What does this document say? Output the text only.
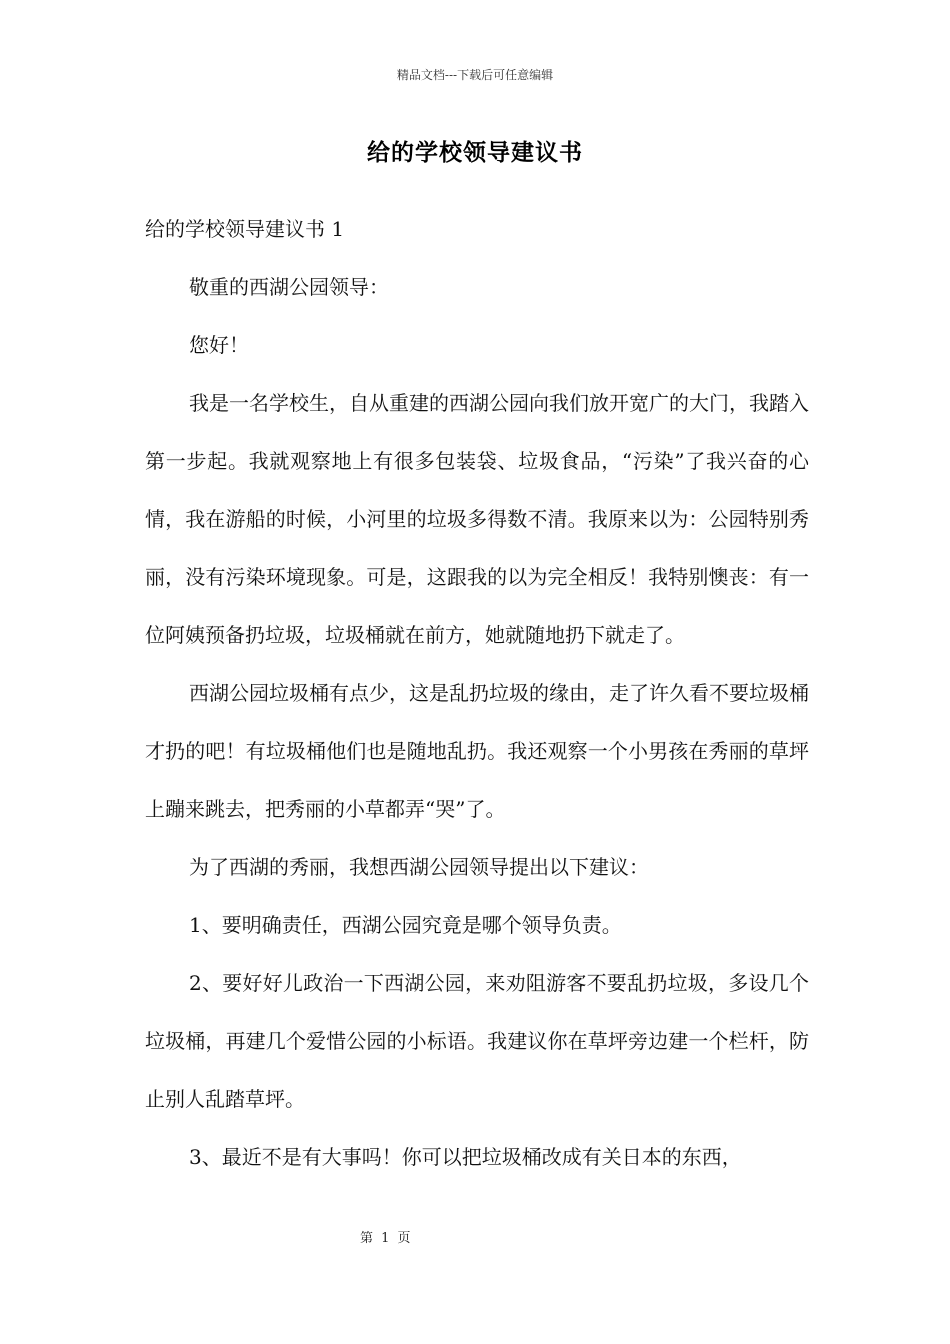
精品文档---下载后可任意编辑
给的学校领导建议书

给的学校领导建议书 1

敬重的西湖公园领导：

您好！

我是一名学校生，自从重建的西湖公园向我们放开宽广的大门，我踏入第一步起。我就观察地上有很多包装袋、垃圾食品，“污染”了我兴奋的心情，我在游船的时候，小河里的垃圾多得数不清。我原来以为：公园特别秀丽，没有污染环境现象。可是，这跟我的以为完全相反！我特别懊丧：有一位阿姨预备扔垃圾，垃圾桶就在前方，她就随地扔下就走了。

西湖公园垃圾桶有点少，这是乱扔垃圾的缘由，走了许久看不要垃圾桶才扔的吧！有垃圾桶他们也是随地乱扔。我还观察一个小男孩在秀丽的草坪上蹦来跳去，把秀丽的小草都弄“哭”了。

为了西湖的秀丽，我想西湖公园领导提出以下建议：

1、要明确责任，西湖公园究竟是哪个领导负责。

2、要好好儿政治一下西湖公园，来劝阻游客不要乱扔垃圾，多设几个垃圾桶，再建几个爱惜公园的小标语。我建议你在草坪旁边建一个栏杆，防止别人乱踏草坪。

3、最近不是有大事吗！你可以把垃圾桶改成有关日本的东西，

第 1 页
